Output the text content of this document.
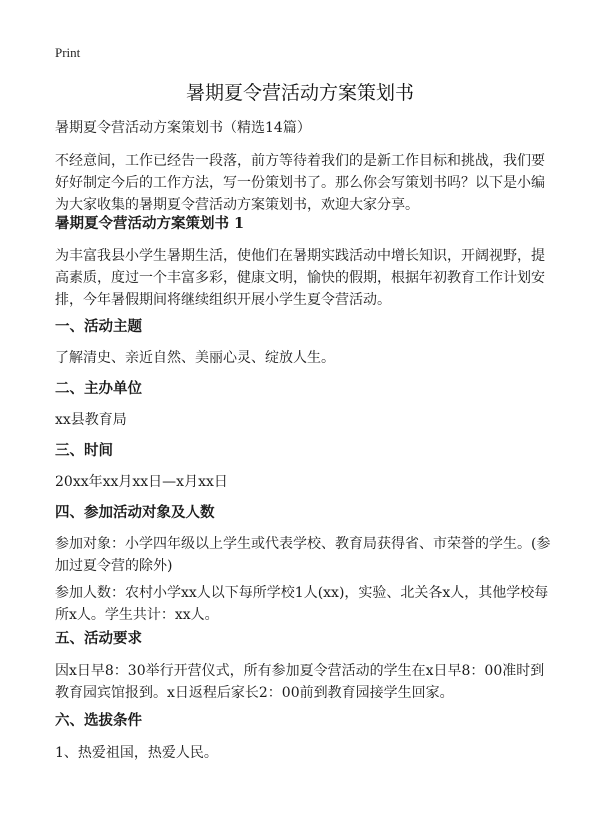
Print
暑期夏令营活动方案策划书

暑期夏令营活动方案策划书（精选14篇）

不经意间，工作已经告一段落，前方等待着我们的是新工作目标和挑战，我们要好好制定今后的工作方法，写一份策划书了。那么你会写策划书吗？以下是小编为大家收集的暑期夏令营活动方案策划书，欢迎大家分享。

暑期夏令营活动方案策划书 1

为丰富我县小学生暑期生活，使他们在暑期实践活动中增长知识，开阔视野，提高素质，度过一个丰富多彩，健康文明，愉快的假期，根据年初教育工作计划安排，今年暑假期间将继续组织开展小学生夏令营活动。

一、活动主题

了解清史、亲近自然、美丽心灵、绽放人生。

二、主办单位

xx县教育局

三、时间

20xx年xx月xx日—x月xx日

四、参加活动对象及人数

参加对象：小学四年级以上学生或代表学校、教育局获得省、市荣誉的学生。(参加过夏令营的除外)

参加人数：农村小学xx人以下每所学校1人(xx)，实验、北关各x人，其他学校每所x人。学生共计：xx人。

五、活动要求

因x日早8：30举行开营仪式，所有参加夏令营活动的学生在x日早8：00准时到教育园宾馆报到。x日返程后家长2：00前到教育园接学生回家。

六、选拔条件

1、热爱祖国，热爱人民。
